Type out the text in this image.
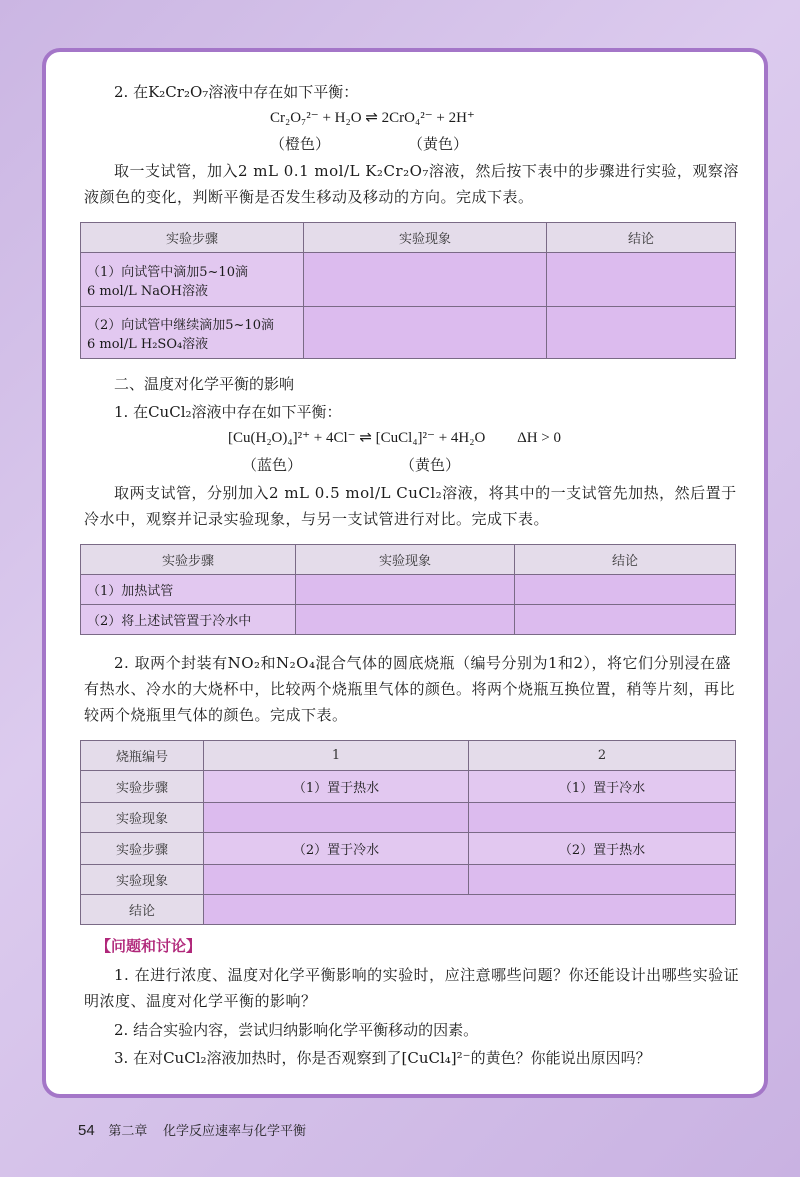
2. 在K₂Cr₂O₇溶液中存在如下平衡：
Cr₂O₇²⁻ + H₂O ⇌ 2CrO₄²⁻ + 2H⁺
（橙色）	（黄色）
取一支试管，加入2 mL 0.1 mol/L K₂Cr₂O₇溶液，然后按下表中的步骤进行实验，观察溶液颜色的变化，判断平衡是否发生移动及移动的方向。完成下表。
实验步骤	实验现象	结论

（1）向试管中滴加5~10滴
6 mol/L NaOH溶液		

（2）向试管中继续滴加5~10滴
6 mol/L H₂SO₄溶液		

二、温度对化学平衡的影响
1. 在CuCl₂溶液中存在如下平衡：
[Cu(H₂O)₄]²⁺ + 4Cl⁻ ⇌ [CuCl₄]²⁻ + 4H₂O ΔH > 0
（蓝色）	（黄色）
取两支试管，分别加入2 mL 0.5 mol/L CuCl₂溶液，将其中的一支试管先加热，然后置于冷水中，观察并记录实验现象，与另一支试管进行对比。完成下表。
实验步骤	实验现象	结论
（1）加热试管		
（2）将上述试管置于冷水中		
2. 取两个封装有NO₂和N₂O₄混合气体的圆底烧瓶（编号分别为1和2），将它们分别浸在盛有热水、冷水的大烧杯中，比较两个烧瓶里气体的颜色。将两个烧瓶互换位置，稍等片刻，再比较两个烧瓶里气体的颜色。完成下表。
烧瓶编号	1	2
实验步骤	（1）置于热水	（1）置于冷水
实验现象		
实验步骤	（2）置于冷水	（2）置于热水
实验现象		
结论		
【问题和讨论】
1. 在进行浓度、温度对化学平衡影响的实验时，应注意哪些问题？你还能设计出哪些实验证明浓度、温度对化学平衡的影响？
2. 结合实验内容，尝试归纳影响化学平衡移动的因素。
3. 在对CuCl₂溶液加热时，你是否观察到了[CuCl₄]²⁻的黄色？你能说出原因吗？
54 第二章 化学反应速率与化学平衡
